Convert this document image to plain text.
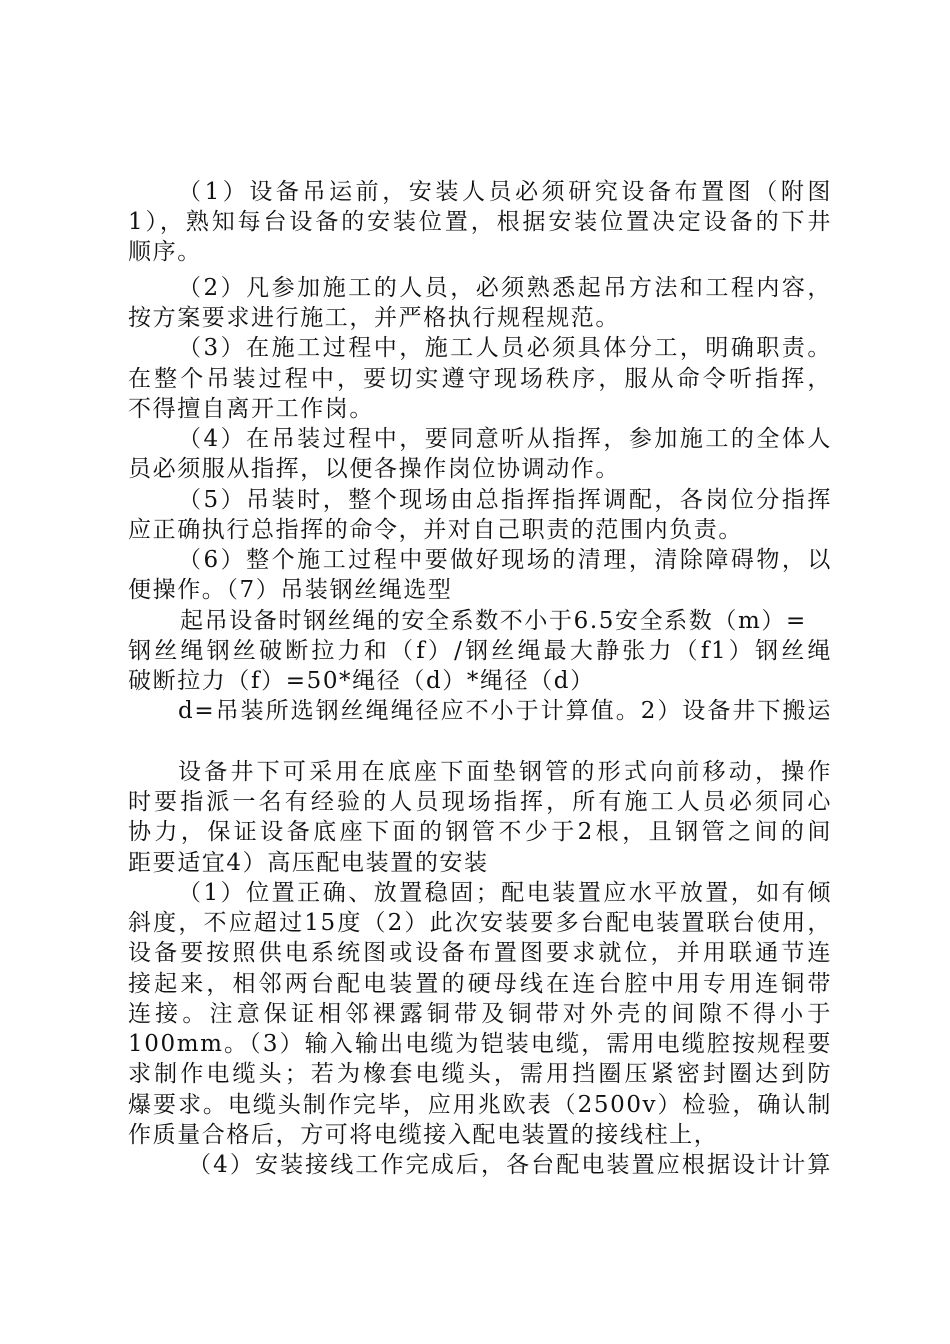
（1）设备吊运前，安装人员必须研究设备布置图（附图
1），熟知每台设备的安装位置，根据安装位置决定设备的下井
顺序。
（2）凡参加施工的人员，必须熟悉起吊方法和工程内容，
按方案要求进行施工，并严格执行规程规范。
（3）在施工过程中，施工人员必须具体分工，明确职责。
在整个吊装过程中，要切实遵守现场秩序，服从命令听指挥，
不得擅自离开工作岗。
（4）在吊装过程中，要同意听从指挥，参加施工的全体人
员必须服从指挥，以便各操作岗位协调动作。
（5）吊装时，整个现场由总指挥指挥调配，各岗位分指挥
应正确执行总指挥的命令，并对自己职责的范围内负责。
（6）整个施工过程中要做好现场的清理，清除障碍物，以
便操作。（7）吊装钢丝绳选型
起吊设备时钢丝绳的安全系数不小于6.5安全系数（m）=
钢丝绳钢丝破断拉力和（f）/钢丝绳最大静张力（f1）钢丝绳
破断拉力（f）=50*绳径（d）*绳径（d）
d=吊装所选钢丝绳绳径应不小于计算值。2）设备井下搬运
设备井下可采用在底座下面垫钢管的形式向前移动，操作
时要指派一名有经验的人员现场指挥，所有施工人员必须同心
协力，保证设备底座下面的钢管不少于2根，且钢管之间的间
距要适宜4）高压配电装置的安装
（1）位置正确、放置稳固；配电装置应水平放置，如有倾
斜度，不应超过15度（2）此次安装要多台配电装置联台使用，
设备要按照供电系统图或设备布置图要求就位，并用联通节连
接起来，相邻两台配电装置的硬母线在连台腔中用专用连铜带
连接。注意保证相邻裸露铜带及铜带对外壳的间隙不得小于
100mm。（3）输入输出电缆为铠装电缆，需用电缆腔按规程要
求制作电缆头；若为橡套电缆头，需用挡圈压紧密封圈达到防
爆要求。电缆头制作完毕，应用兆欧表（2500v）检验，确认制
作质量合格后，方可将电缆接入配电装置的接线柱上，
（4）安装接线工作完成后，各台配电装置应根据设计计算
